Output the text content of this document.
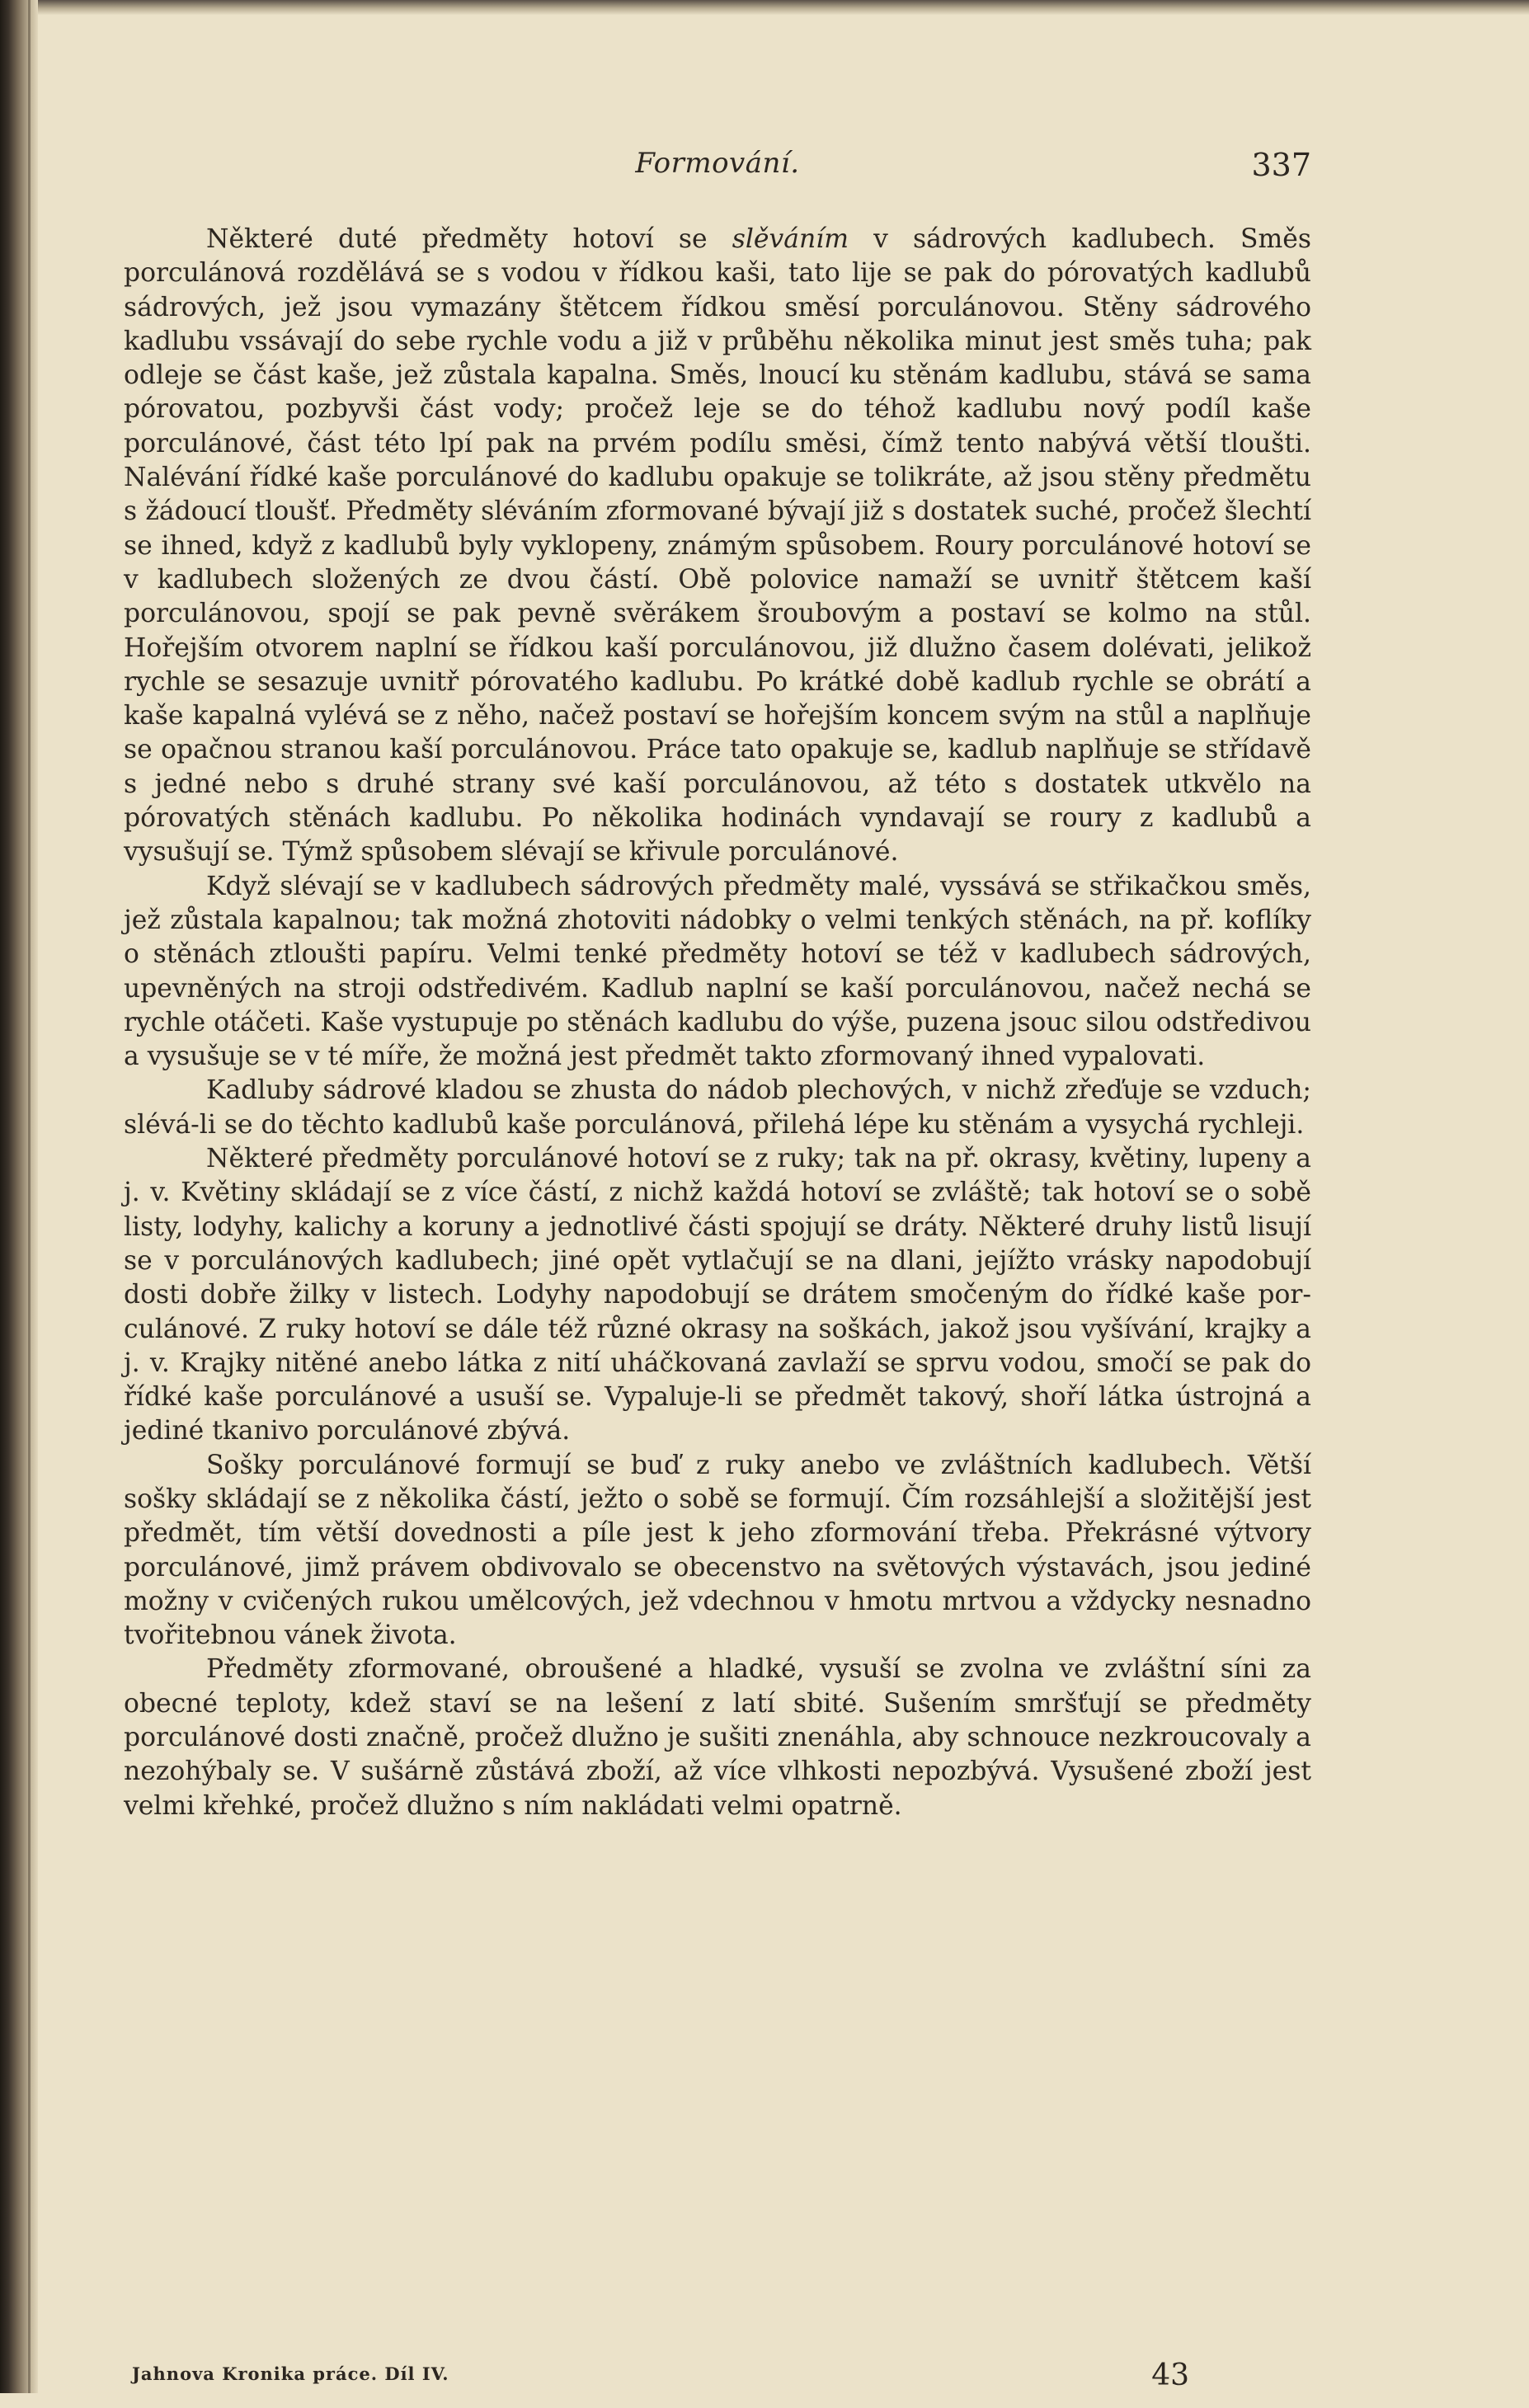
Formování.	337

Některé duté předměty hotoví se slěváním v sádrových kadlubech. Směs porculánová rozdělává se s vodou v řídkou kaši, tato lije se pak do pórovatých kadlubů sádrových, jež jsou vymazány štětcem řídkou směsí porculánovou. Stěny sádrového kadlubu vssávají do sebe rychle vodu a již v průběhu několika minut jest směs tuha; pak odleje se část kaše, jež zůstala kapalna. Směs, lnoucí ku stěnám kadlubu, stává se sama pórovatou, pozbyvši část vody; pročež leje se do téhož kadlubu nový podíl kaše porculánové, část této lpí pak na prvém podílu směsi, čímž tento nabývá větší tloušti. Nalévání řídké kaše porculánové do kadlubu opakuje se tolikráte, až jsou stěny předmětu s žádoucí tloušť. Předměty sléváním zformované bývají již s dostatek suché, pročež šlechtí se ihned, když z kadlubů byly vyklopeny, známým spůsobem. Roury porculánové hotoví se v kadlubech složených ze dvou částí. Obě polovice namaží se uvnitř štětcem kaší porculánovou, spojí se pak pevně svěrákem šroubovým a postaví se kolmo na stůl. Hořejším otvorem naplní se řídkou kaší porculánovou, již dlužno časem dolévati, jelikož rychle se sesazuje uvnitř pórovatého kadlubu. Po krátké době kadlub rychle se obrátí a kaše kapalná vylévá se z něho, načež postaví se hořejším koncem svým na stůl a naplňuje se opačnou stranou kaší porculánovou. Práce tato opakuje se, kadlub naplňuje se střídavě s jedné nebo s druhé strany své kaší porculánovou, až této s dostatek utkvělo na pórovatých stěnách kadlubu. Po několika hodinách vyndavají se roury z kadlubů a vysušují se. Týmž spůsobem slévají se křivule porculánové.

Když slévají se v kadlubech sádrových předměty malé, vyssává se střikačkou směs, jež zůstala kapalnou; tak možná zhotoviti nádobky o velmi tenkých stěnách, na př. koflíky o stěnách ztloušti papíru. Velmi tenké předměty hotoví se též v kadlubech sádrových, upevněných na stroji odstředivém. Kadlub naplní se kaší porculánovou, načež nechá se rychle otáčeti. Kaše vystupuje po stěnách kadlubu do výše, puzena jsouc silou odstředivou a vysušuje se v té míře, že možná jest předmět takto zformovaný ihned vypalovati.

Kadluby sádrové kladou se zhusta do nádob plechových, v nichž zřeďuje se vzduch; slévá-li se do těchto kadlubů kaše porculánová, přilehá lépe ku stěnám a vysychá rychleji.

Některé předměty porculánové hotoví se z ruky; tak na př. okrasy, květiny, lupeny a j. v. Květiny skládají se z více částí, z nichž každá hotoví se zvláště; tak hotoví se o sobě listy, lodyhy, kalichy a koruny a jednotlivé části spojují se dráty. Některé druhy listů lisují se v porculánových kadlubech; jiné opět vytlačují se na dlani, jejížto vrásky napodobují dosti dobře žilky v listech. Lodyhy napodobují se drátem smočeným do řídké kaše porculánové. Z ruky hotoví se dále též různé okrasy na soškách, jakož jsou vyšívání, krajky a j. v. Krajky nitěné anebo látka z nití uháčkovaná zavlaží se sprvu vodou, smočí se pak do řídké kaše porculánové a usuší se. Vypaluje-li se předmět takový, shoří látka ústrojná a jediné tkanivo porculánové zbývá.

Sošky porculánové formují se buď z ruky anebo ve zvláštních kadlubech. Větší sošky skládají se z několika částí, ježto o sobě se formují. Čím rozsáhlejší a složitější jest předmět, tím větší dovednosti a píle jest k jeho zformování třeba. Překrásné výtvory porculánové, jimž právem obdivovalo se obecenstvo na světových výstavách, jsou jediné možny v cvičených rukou umělcových, jež vdechnou v hmotu mrtvou a vždycky nesnadno tvořitebnou vánek života.

Předměty zformované, obroušené a hladké, vysuší se zvolna ve zvláštní síni za obecné teploty, kdež staví se na lešení z latí sbité. Sušením smršťují se předměty porculánové dosti značně, pročež dlužno je sušiti znenáhla, aby schnouce nezkroucovaly a nezohýbaly se. V sušárně zůstává zboží, až více vlhkosti nepozbývá. Vysušené zboží jest velmi křehké, pročež dlužno s ním nakládati velmi opatrně.

Jahnova Kronika práce. Díl IV.	43
